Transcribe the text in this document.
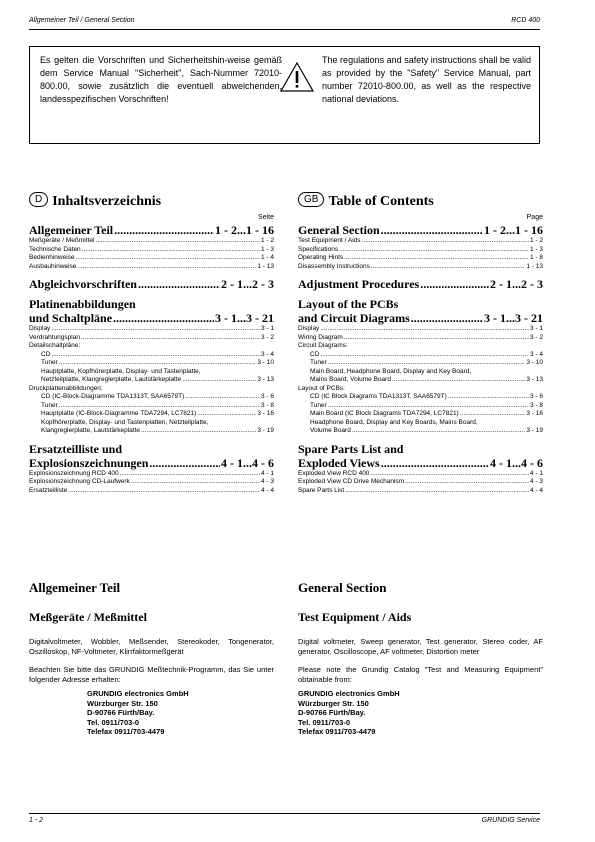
Allgemeiner Teil / General Section	RCD 400
Es gelten die Vorschriften und Sicherheitshin-weise gemäß dem Service Manual "Sicherheit", Sach-Nummer 72010-800.00, sowie zusätzlich die eventuell abweichenden, landesspezifischen Vorschriften!
The regulations and safety instructions shall be valid as provided by the "Safety" Service Manual, part number 72010-800.00, as well as the respective national deviations.
D Inhaltsverzeichnis
Seite
Allgemeiner Teil .....	1 - 2...1 - 16
Meßgeräte / Meßmittel .....	1 - 2
Technische Daten .....	1 - 3
Bedienhinweise .....	1 - 4
Ausbauhinweise .....	1 - 13
Abgleichvorschriften .....	2 - 1...2 - 3
Platinenabbildungen
und Schaltpläne .....	3 - 1...3 - 21
Display .....	3 - 1
Verdrahtungsplan .....	3 - 2
Detailschaltpläne:
CD .....	3 - 4
Tuner .....	3 - 10
Hauptplatte, Kopfhörerplatte, Display- und Tastenplatte,
Netzteilplatte, Klangreglerplatte, Lautstärkeplatte .....	3 - 13
Druckplattenabbildungen:
CD (IC-Block-Diagramme TDA1313T, SAA6579T) .....	3 - 6
Tuner .....	3 - 8
Hauptplatte (IC-Block-Diagramme TDA7294, LC7821) .....	3 - 16
Kopfhörerplatte, Display- und Tastenplatten, Netzteilplatte,
Klangreglerplatte, Lautstärkeplatte .....	3 - 19
Ersatzteilliste und
Explosionszeichnungen .....	4 - 1...4 - 6
Explosionszeichnung RCD 400 .....	4 - 1
Explosionszeichnung CD-Laufwerk .....	4 - 3
Ersatzteilliste .....	4 - 4
GB Table of Contents
Page
General Section .....	1 - 2...1 - 16
Test Equipment / Aids .....	1 - 2
Specifications .....	1 - 3
Operating Hints .....	1 - 8
Disassembly Instructions .....	1 - 13
Adjustment Procedures .....	2 - 1...2 - 3
Layout of the PCBs
and Circuit Diagrams .....	3 - 1...3 - 21
Display .....	3 - 1
Wiring Diagram .....	3 - 2
Circuit Diagrams:
CD .....	3 - 4
Tuner .....	3 - 10
Main Board, Headphone Board, Display and Key Board,
Mains Board, Volume Board .....	3 - 13
Layout of PCBs:
CD (IC Block Diagrams TDA1313T, SAA6579T) .....	3 - 6
Tuner .....	3 - 8
Main Board (IC Block Diagrams TDA7294, LC7821) .....	3 - 16
Headphone Board, Display and Key Boards, Mains Board,
Volume Board .....	3 - 19
Spare Parts List and
Exploded Views .....	4 - 1...4 - 6
Exploded View RCD 400 .....	4 - 1
Exploded View CD Drive Mechanism .....	4 - 3
Spare Parts List .....	4 - 4
Allgemeiner Teil
Meßgeräte / Meßmittel
Digitalvoltmeter, Wobbler, Meßsender, Stereokoder, Tongenerator, Oszilloskop, NF-Voltmeter, Klirrfaktormeßgerät
Beachten Sie bitte das GRUNDIG Meßtechnik-Programm, das Sie unter folgender Adresse erhalten:
GRUNDIG electronics GmbH
Würzburger Str. 150
D-90766 Fürth/Bay.
Tel. 0911/703-0
Telefax 0911/703-4479
General Section
Test Equipment / Aids
Digital voltmeter, Sweep generator, Test generator, Stereo coder, AF generator, Oscilloscope, AF voltmeter, Distortion meter
Please note the Grundig Catalog "Test and Measuring Equipment" obtainable from:
GRUNDIG electronics GmbH
Würzburger Str. 150
D-90766 Fürth/Bay.
Tel. 0911/703-0
Telefax 0911/703-4479
1 - 2	GRUNDIG Service
